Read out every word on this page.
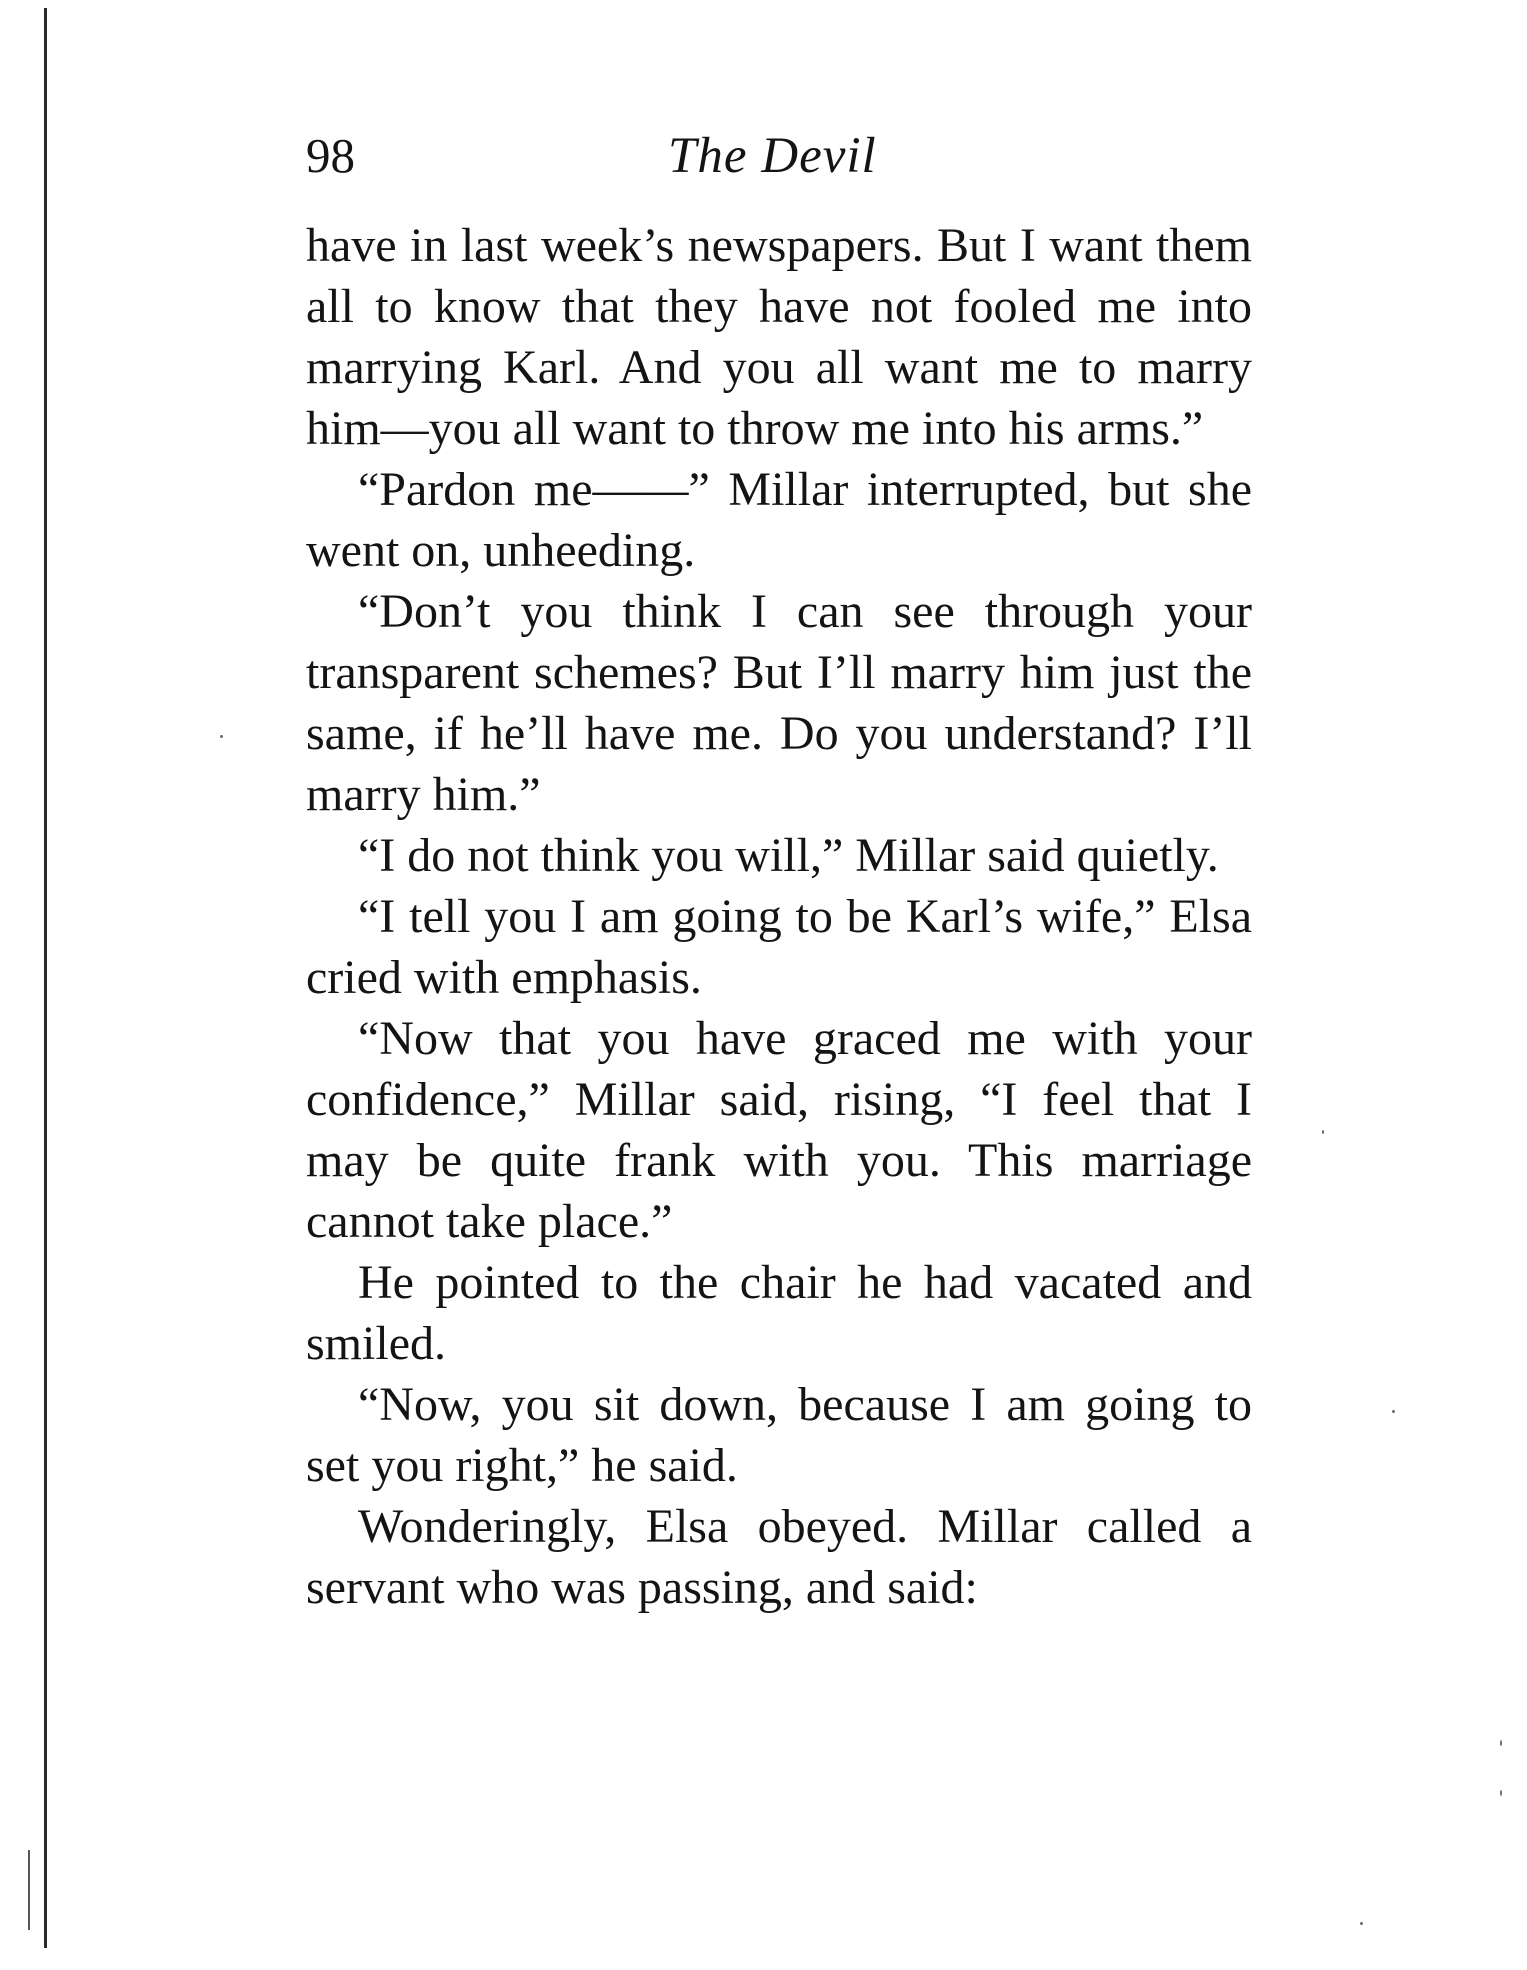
98	The Devil

have in last week’s newspapers. But I want them all to know that they have not fooled me into marrying Karl. And you all want me to marry him—you all want to throw me into his arms.”

“Pardon me——” Millar interrupted, but she went on, unheeding.

“Don’t you think I can see through your transparent schemes? But I’ll marry him just the same, if he’ll have me. Do you understand? I’ll marry him.”

“I do not think you will,” Millar said quietly.

“I tell you I am going to be Karl’s wife,” Elsa cried with emphasis.

“Now that you have graced me with your confidence,” Millar said, rising, “I feel that I may be quite frank with you. This marriage cannot take place.”

He pointed to the chair he had vacated and smiled.

“Now, you sit down, because I am going to set you right,” he said.

Wonderingly, Elsa obeyed. Millar called a servant who was passing, and said:
